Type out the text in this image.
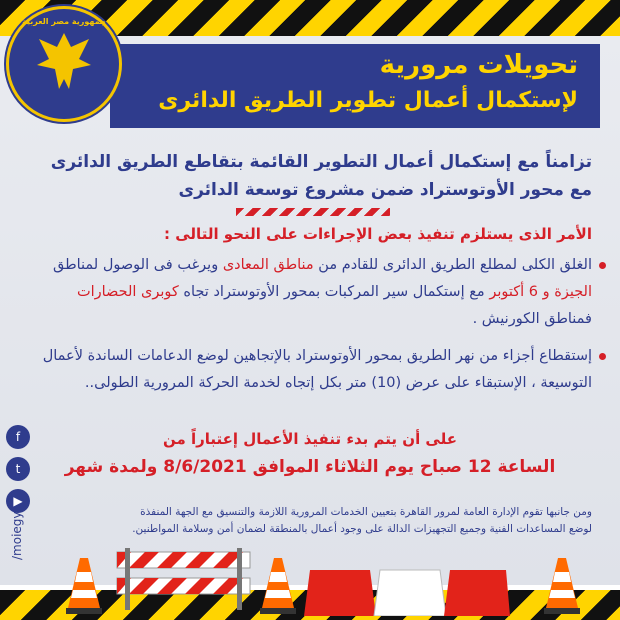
تحويلات مرورية
لإستكمال أعمال تطوير الطريق الدائرى
جمهورية مصر العربية
تزامناً مع إستكمال أعمال التطوير القائمة بتقاطع الطريق الدائرى
مع محور الأوتوستراد ضمن مشروع توسعة الدائرى
الأمر الذى يستلزم تنفيذ بعض الإجراءات على النحو التالى :
الغلق الكلى لمطلع الطريق الدائرى للقادم من مناطق المعادى ويرغب فى الوصول لمناطق الجيزة و 6 أكتوبر مع إستكمال سير المركبات بمحور الأوتوستراد تجاه كوبرى الحضارات فمناطق الكورنيش .
إستقطاع أجزاء من نهر الطريق بمحور الأوتوستراد بالإتجاهين لوضع الدعامات الساندة لأعمال التوسيعة ، الإستبقاء على عرض (10) متر بكل إتجاه لخدمة الحركة المرورية الطولى..
على أن يتم بدء تنفيذ الأعمال إعتباراً من
الساعة 12 صباح يوم الثلاثاء الموافق 8/6/2021 ولمدة شهر
ومن جانبها تقوم الإدارة العامة لمرور القاهرة بتعيين الخدمات المرورية اللازمة والتنسيق مع الجهة المنفذة
لوضع المساعدات الفنية وجميع التجهيزات الدالة على وجود أعمال بالمنطقة لضمان أمن وسلامة المواطنين.
f
t
▶
/moiegy
